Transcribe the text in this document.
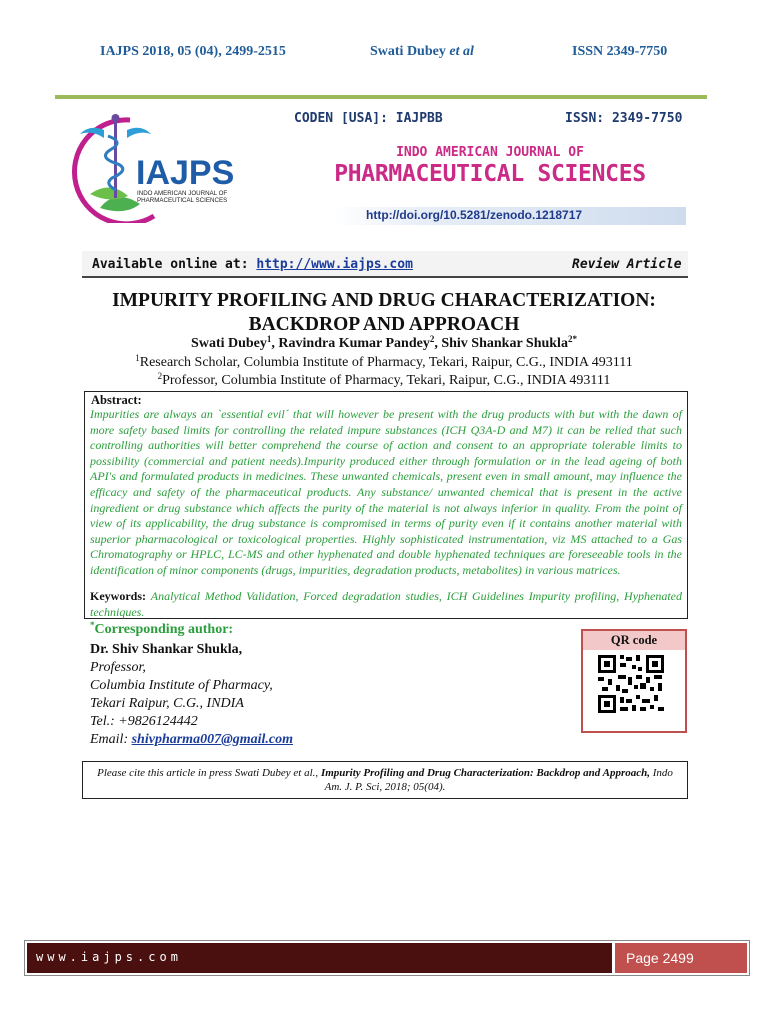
IAJPS 2018, 05 (04), 2499-2515	Swati Dubey et al	ISSN 2349-7750
IAJPS
INDO AMERICAN JOURNAL OF
PHARMACEUTICAL SCIENCES
CODEN [USA]: IAJPBB	ISSN: 2349-7750
INDO AMERICAN JOURNAL OF
PHARMACEUTICAL SCIENCES
http://doi.org/10.5281/zenodo.1218717
Available online at: http://www.iajps.com	Review Article
IMPURITY PROFILING AND DRUG CHARACTERIZATION:
BACKDROP AND APPROACH
Swati Dubey$^1$, Ravindra Kumar Pandey$^2$, Shiv Shankar Shukla$^{2*}$
$^1$Research Scholar, Columbia Institute of Pharmacy, Tekari, Raipur, C.G., INDIA 493111
$^2$Professor, Columbia Institute of Pharmacy, Tekari, Raipur, C.G., INDIA 493111
Abstract:
Impurities are always an `essential evil´ that will however be present with the drug products with but with the dawn of more safety based limits for controlling the related impure substances (ICH Q3A-D and M7) it can be relied that such controlling authorities will better comprehend the course of action and consent to an appropriate tolerable limits to possibility (commercial and patient needs).Impurity produced either through formulation or in the lead ageing of both API's and formulated products in medicines. These unwanted chemicals, present even in small amount, may influence the efficacy and safety of the pharmaceutical products. Any substance/ unwanted chemical that is present in the active ingredient or drug substance which affects the purity of the material is not always inferior in quality. From the point of view of its applicability, the drug substance is compromised in terms of purity even if it contains another material with superior pharmacological or toxicological properties. Highly sophisticated instrumentation, viz MS attached to a Gas Chromatography or HPLC, LC-MS and other hyphenated and double hyphenated techniques are foreseeable tools in the identification of minor components (drugs, impurities, degradation products, metabolites) in various matrices.
Keywords: Analytical Method Validation, Forced degradation studies, ICH Guidelines Impurity profiling, Hyphenated techniques.
*Corresponding author:
Dr. Shiv Shankar Shukla,
Professor,
Columbia Institute of Pharmacy,
Tekari Raipur, C.G., INDIA
Tel.: +9826124442
Email: shivpharma007@gmail.com
QR code
Please cite this article in press Swati Dubey et al., Impurity Profiling and Drug Characterization: Backdrop and Approach, Indo Am. J. P. Sci, 2018; 05(04).
www.iajps.com	Page 2499
